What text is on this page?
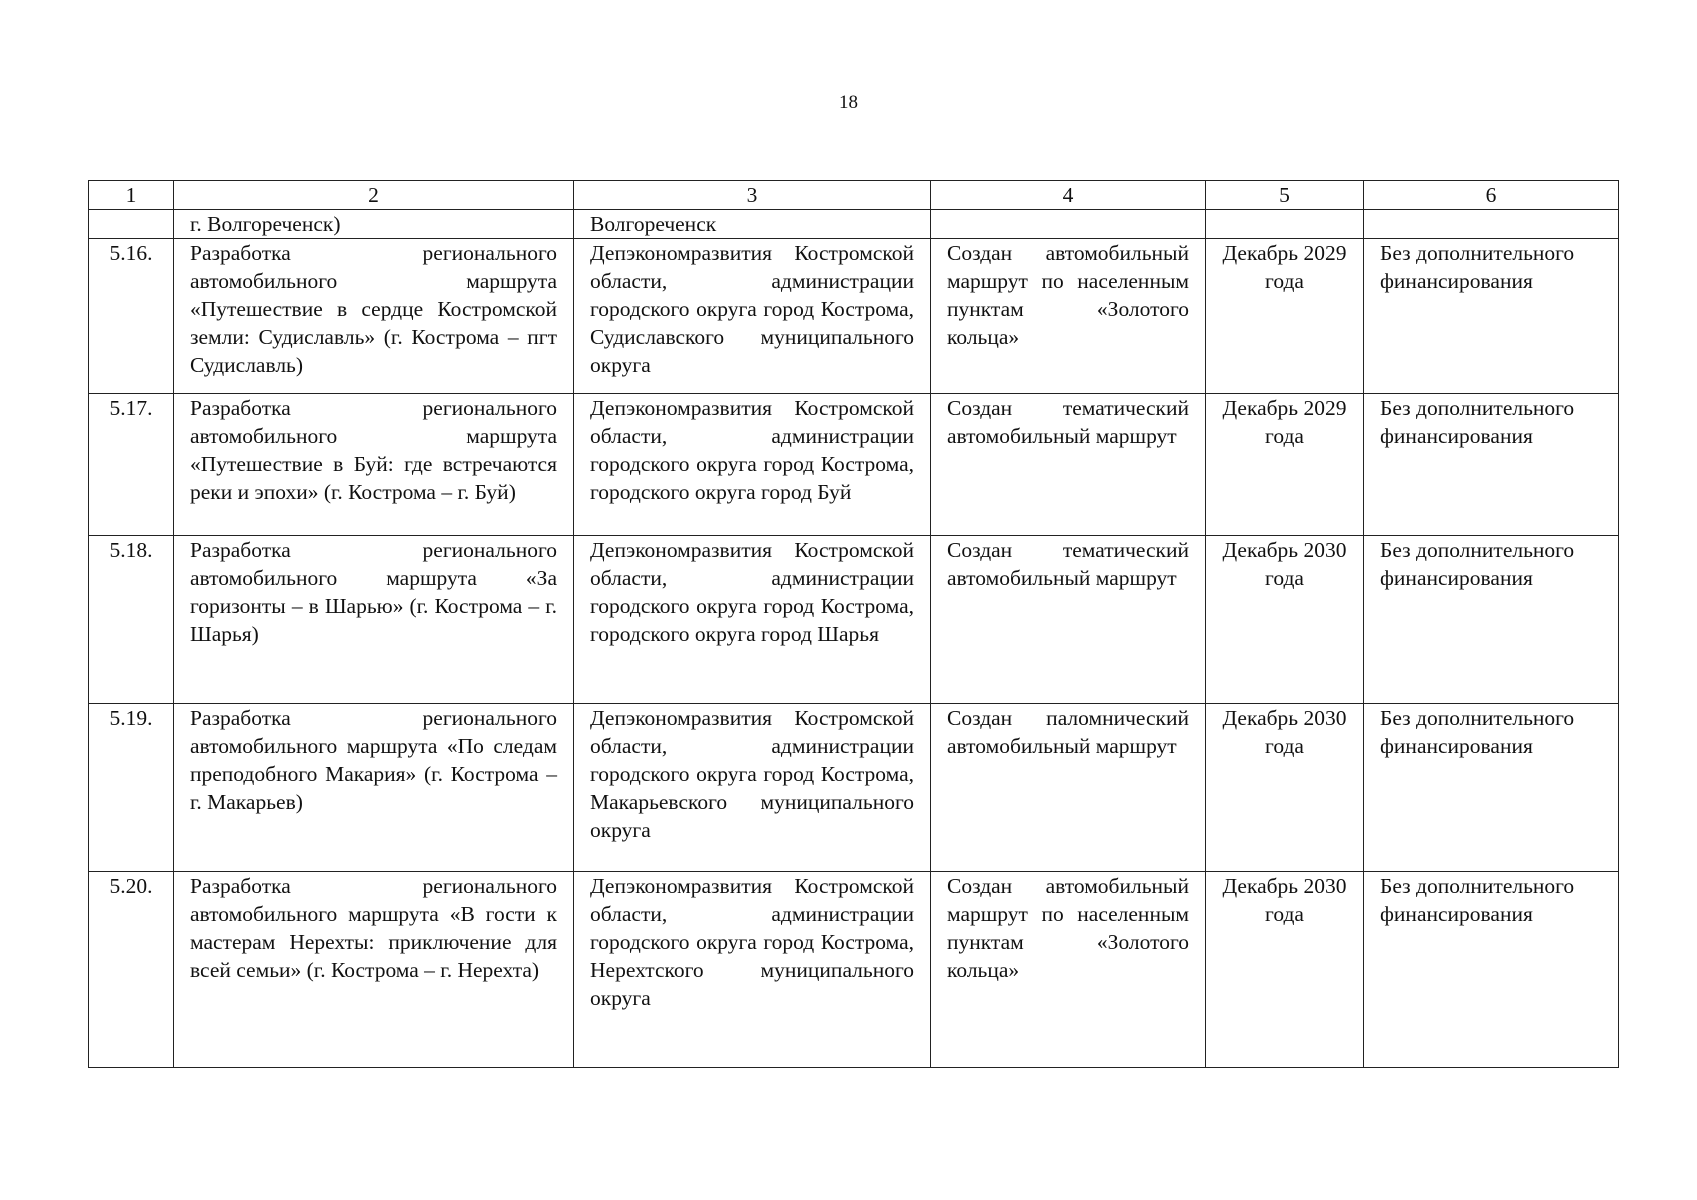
18
1	2	3	4	5	6
	г. Волгореченск)	Волгореченск			
5.16.	Разработка регионального автомобильного маршрута «Путешествие в сердце Костромской земли: Судиславль» (г. Кострома – пгт Судиславль)	Депэкономразвития Костромской области, администрации городского округа город Кострома, Судиславского муниципального округа	Создан автомобильный маршрут по населенным пунктам «Золотого кольца»	Декабрь 2029 года	Без дополнительного финансирования
5.17.	Разработка регионального автомобильного маршрута «Путешествие в Буй: где встречаются реки и эпохи» (г. Кострома – г. Буй)	Депэкономразвития Костромской области, администрации городского округа город Кострома, городского округа город Буй	Создан тематический автомобильный маршрут	Декабрь 2029 года	Без дополнительного финансирования
5.18.	Разработка регионального автомобильного маршрута «За горизонты – в Шарью» (г. Кострома – г. Шарья)	Депэкономразвития Костромской области, администрации городского округа город Кострома, городского округа город Шарья	Создан тематический автомобильный маршрут	Декабрь 2030 года	Без дополнительного финансирования
5.19.	Разработка регионального автомобильного маршрута «По следам преподобного Макария» (г. Кострома – г. Макарьев)	Депэкономразвития Костромской области, администрации городского округа город Кострома, Макарьевского муниципального округа	Создан паломнический автомобильный маршрут	Декабрь 2030 года	Без дополнительного финансирования
5.20.	Разработка регионального автомобильного маршрута «В гости к мастерам Нерехты: приключение для всей семьи» (г. Кострома – г. Нерехта)	Депэкономразвития Костромской области, администрации городского округа город Кострома, Нерехтского муниципального округа	Создан автомобильный маршрут по населенным пунктам «Золотого кольца»	Декабрь 2030 года	Без дополнительного финансирования
